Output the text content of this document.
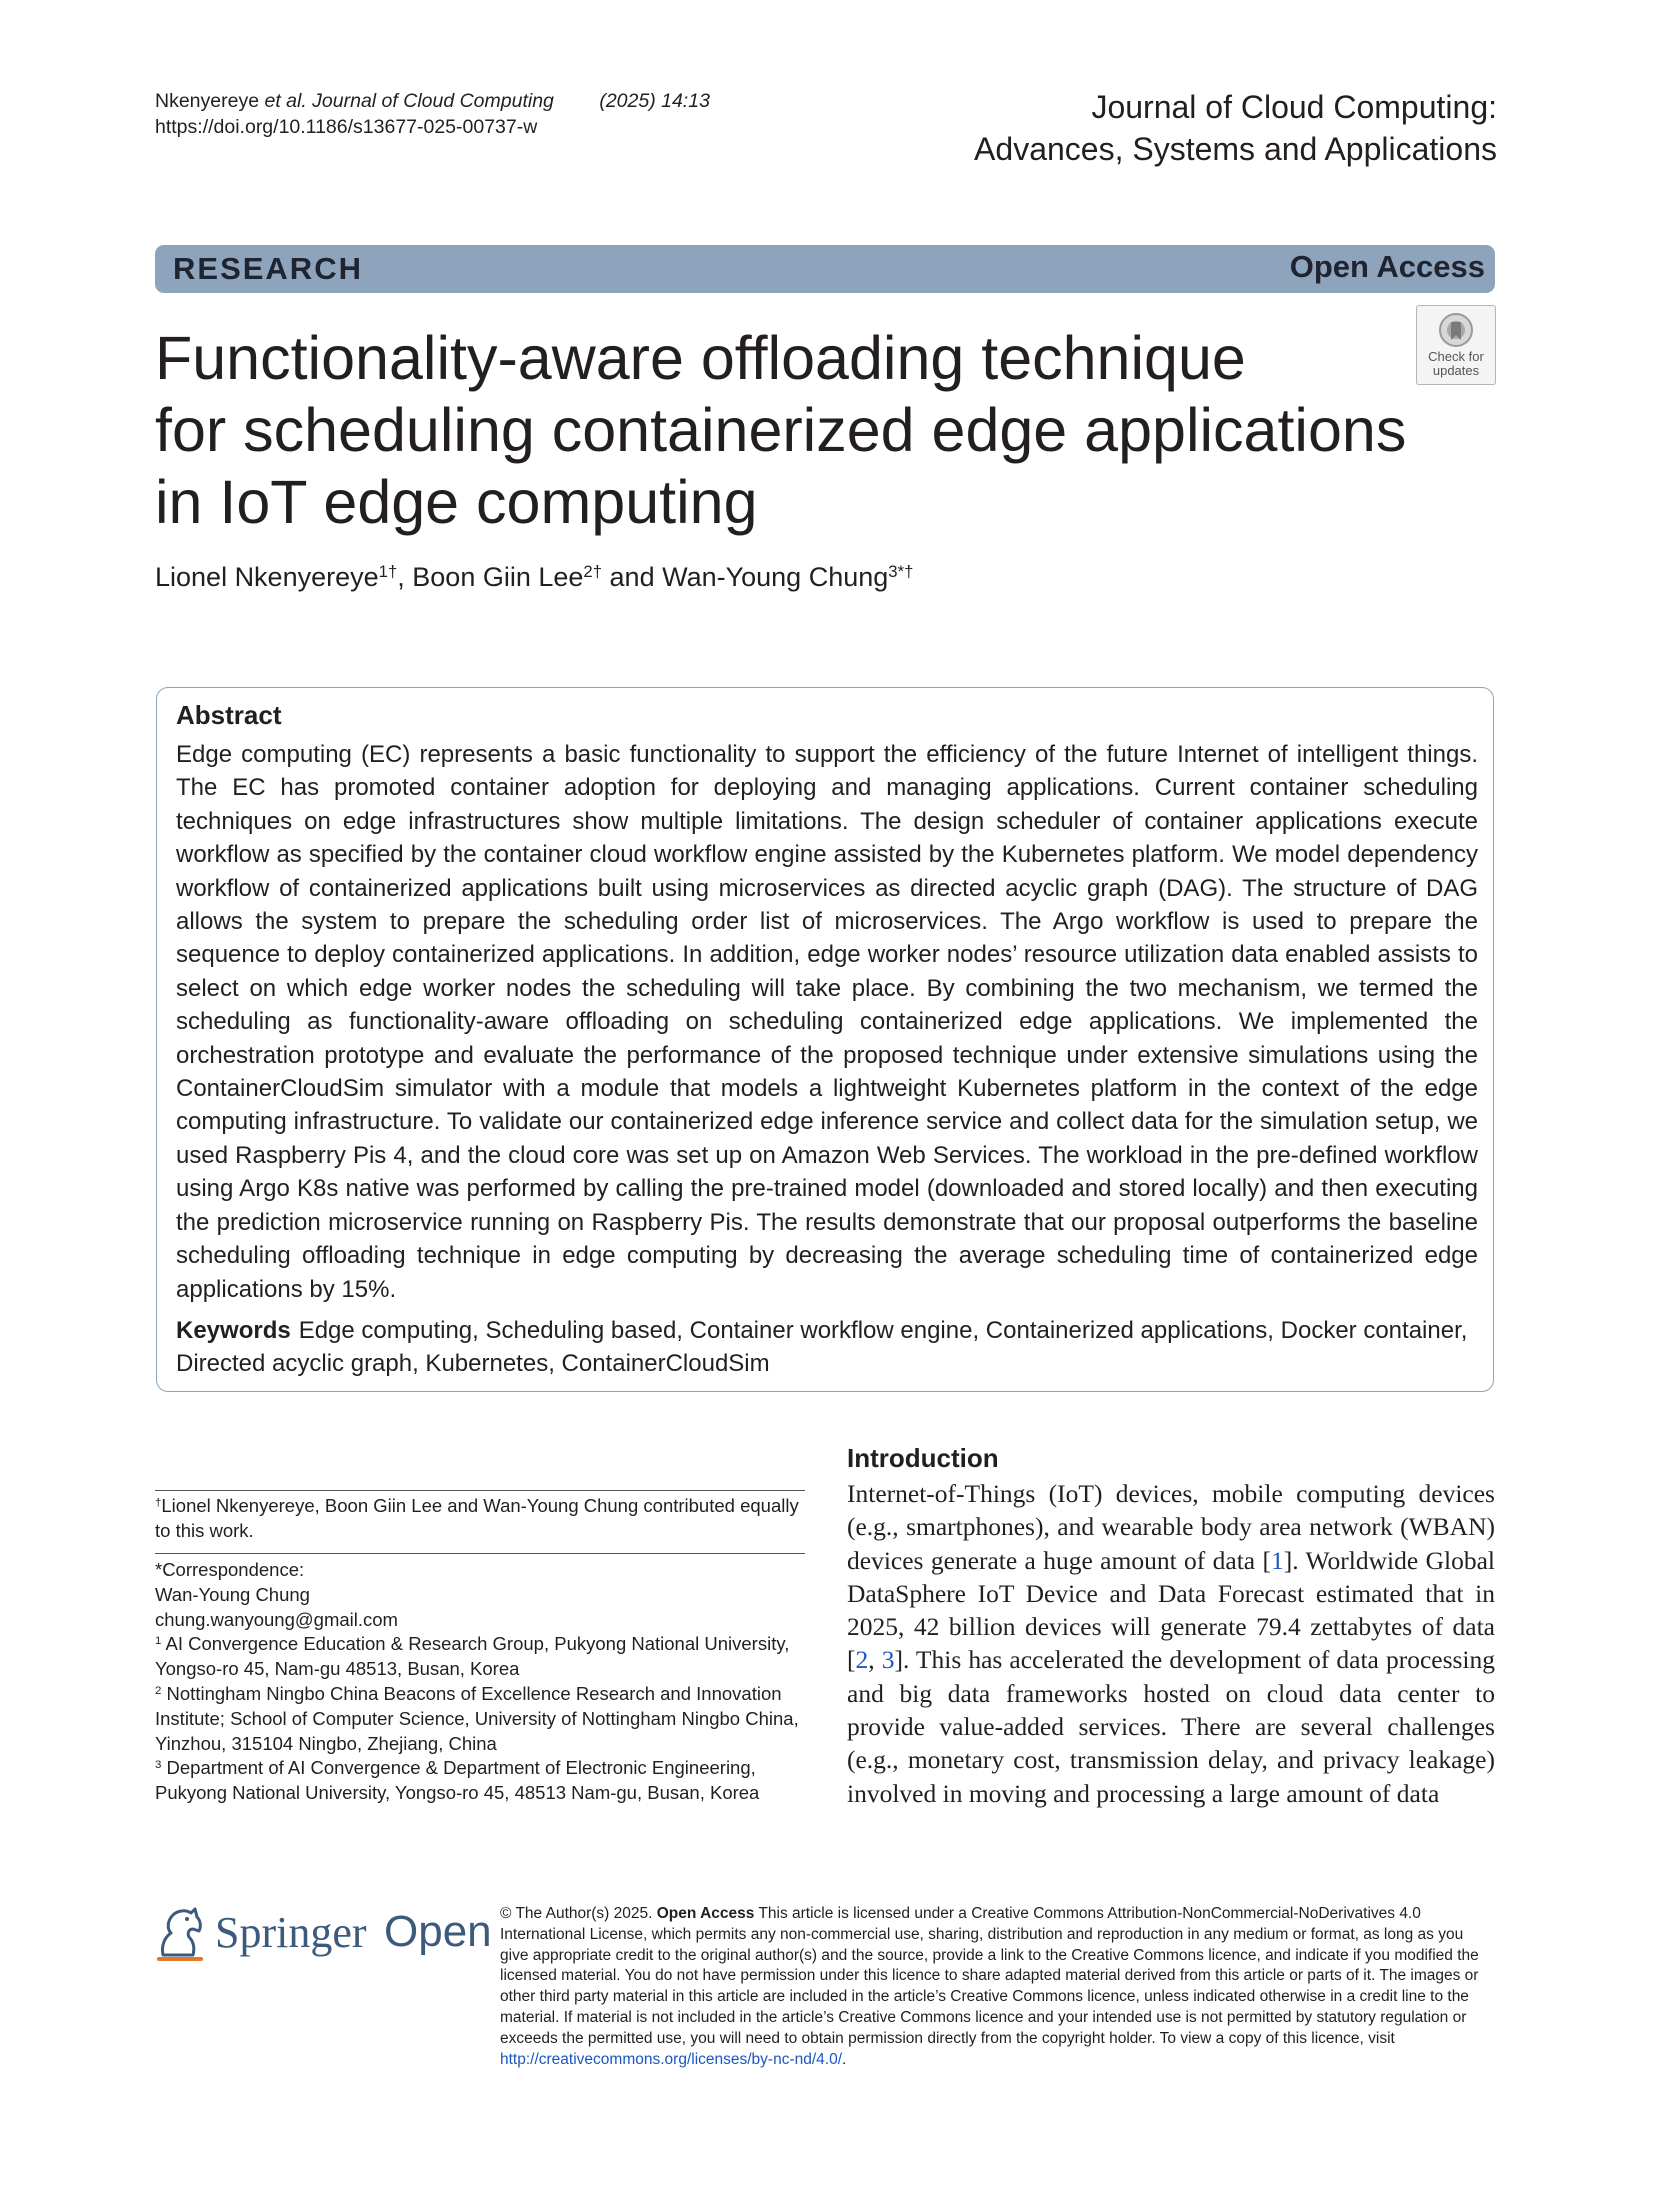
Nkenyereye et al. Journal of Cloud Computing (2025) 14:13
https://doi.org/10.1186/s13677-025-00737-w
Journal of Cloud Computing:
Advances, Systems and Applications
RESEARCH	Open Access
Check for
updates
Functionality-aware offloading technique
for scheduling containerized edge applications
in IoT edge computing
Lionel Nkenyereye$^{1\dagger}$, Boon Giin Lee$^{2\dagger}$ and Wan-Young Chung$^{3*\dagger}$
Abstract
Edge computing (EC) represents a basic functionality to support the efficiency of the future Internet of intelligent things. The EC has promoted container adoption for deploying and managing applications. Current container scheduling techniques on edge infrastructures show multiple limitations. The design scheduler of container applications execute workflow as specified by the container cloud workflow engine assisted by the Kubernetes platform. We model dependency workflow of containerized applications built using microservices as directed acyclic graph (DAG). The structure of DAG allows the system to prepare the scheduling order list of microservices. The Argo workflow is used to prepare the sequence to deploy containerized applications. In addition, edge worker nodes’ resource utilization data enabled assists to select on which edge worker nodes the scheduling will take place. By combining the two mechanism, we termed the scheduling as functionality-aware offloading on scheduling containerized edge applications. We implemented the orchestration prototype and evaluate the performance of the proposed technique under extensive simulations using the ContainerCloudSim simulator with a module that models a lightweight Kubernetes platform in the context of the edge computing infrastructure. To validate our containerized edge inference service and collect data for the simulation setup, we used Raspberry Pis 4, and the cloud core was set up on Amazon Web Services. The workload in the pre-defined workflow using Argo K8s native was performed by calling the pre-trained model (downloaded and stored locally) and then executing the prediction microservice running on Raspberry Pis. The results demonstrate that our proposal outperforms the baseline scheduling offloading technique in edge computing by decreasing the average scheduling time of containerized edge applications by 15%.
Keywords Edge computing, Scheduling based, Container workflow engine, Containerized applications, Docker container, Directed acyclic graph, Kubernetes, ContainerCloudSim
†Lionel Nkenyereye, Boon Giin Lee and Wan-Young Chung contributed equally to this work.
*Correspondence:
Wan-Young Chung
chung.wanyoung@gmail.com
$^1$ AI Convergence Education & Research Group, Pukyong National University, Yongso-ro 45, Nam-gu 48513, Busan, Korea
$^2$ Nottingham Ningbo China Beacons of Excellence Research and Innovation Institute; School of Computer Science, University of Nottingham Ningbo China, Yinzhou, 315104 Ningbo, Zhejiang, China
$^3$ Department of AI Convergence & Department of Electronic Engineering, Pukyong National University, Yongso-ro 45, 48513 Nam-gu, Busan, Korea
Introduction
Internet-of-Things (IoT) devices, mobile computing devices (e.g., smartphones), and wearable body area network (WBAN) devices generate a huge amount of data [1]. Worldwide Global DataSphere IoT Device and Data Forecast estimated that in 2025, 42 billion devices will generate 79.4 zettabytes of data [2, 3]. This has accelerated the development of data processing and big data frameworks hosted on cloud data center to provide value-added services. There are several challenges (e.g., monetary cost, transmission delay, and privacy leakage) involved in moving and processing a large amount of data
Springer Open © The Author(s) 2025. Open Access This article is licensed under a Creative Commons Attribution-NonCommercial-NoDerivatives 4.0 International License, which permits any non-commercial use, sharing, distribution and reproduction in any medium or format, as long as you give appropriate credit to the original author(s) and the source, provide a link to the Creative Commons licence, and indicate if you modified the licensed material. You do not have permission under this licence to share adapted material derived from this article or parts of it. The images or other third party material in this article are included in the article’s Creative Commons licence, unless indicated otherwise in a credit line to the material. If material is not included in the article’s Creative Commons licence and your intended use is not permitted by statutory regulation or exceeds the permitted use, you will need to obtain permission directly from the copyright holder. To view a copy of this licence, visit http://creativecommons.org/licenses/by-nc-nd/4.0/.
